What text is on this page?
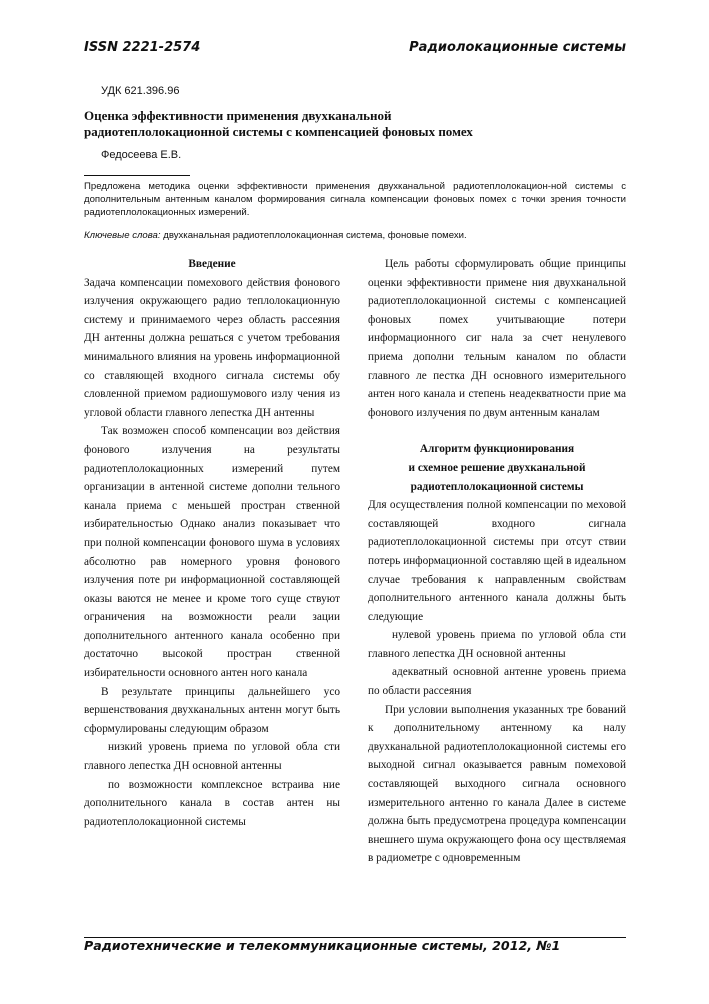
ISSN 2221-2574	Радиолокационные системы
УДК 621.396.96
Оценка эффективности применения двухканальной
радиотеплолокационной системы с компенсацией фоновых помех
Федосеева Е.В.
Предложена методика оценки эффективности применения двухканальной радиотеплолокацион-ной системы с дополнительным антенным каналом формирования сигнала компенсации фоновых помех с точки зрения точности радиотеплолокационных измерений.
Ключевые слова: двухканальная радиотеплолокационная система, фоновые помехи.

Введение

Задача компенсации помехового действия фонового излучения окружающего радио теплолокационную систему и принимаемого через область рассеяния ДН антенны должна решаться с учетом требования минимального влияния на уровень информационной со ставляющей входного сигнала системы обу словленной приемом радиошумового излу чения из угловой области главного лепестка ДН антенны

Так возможен способ компенсации воз действия фонового излучения на результаты радиотеплолокационных измерений путем организации в антенной системе дополни тельного канала приема с меньшей простран ственной избирательностью Однако анализ показывает что при полной компенсации фонового шума в условиях абсолютно рав номерного уровня фонового излучения поте ри информационной составляющей оказы ваются не менее и кроме того суще ствуют ограничения на возможности реали зации дополнительного антенного канала особенно при достаточно высокой простран ственной избирательности основного антен ного канала

В результате принципы дальнейшего усо вершенствования двухканальных антенн могут быть сформулированы следующим образом

низкий уровень приема по угловой обла сти главного лепестка ДН основной антенны

по возможности комплексное встраива ние дополнительного канала в состав антен ны радиотеплолокационной системы

Цель работы сформулировать общие принципы оценки эффективности примене ния двухканальной радиотеплолокационной системы с компенсацией фоновых помех учитывающие потери информационного сиг нала за счет ненулевого приема дополни тельным каналом по области главного ле пестка ДН основного измерительного антен ного канала и степень неадекватности прие ма фонового излучения по двум антенным каналам

Алгоритм функционирования
и схемное решение двухканальной
радиотеплолокационной системы

Для осуществления полной компенсации по меховой составляющей входного сигнала радиотеплолокационной системы при отсут ствии потерь информационной составляю щей в идеальном случае требования к направленным свойствам дополнительного антенного канала должны быть следующие

нулевой уровень приема по угловой обла сти главного лепестка ДН основной антенны

адекватный основной антенне уровень приема по области рассеяния

При условии выполнения указанных тре бований к дополнительному антенному ка налу двухканальной радиотеплолокационной системы его выходной сигнал оказывается равным помеховой составляющей выходного сигнала основного измерительного антенно го канала Далее в системе должна быть предусмотрена процедура компенсации внешнего шума окружающего фона осу ществляемая в радиометре с одновременным

Радиотехнические и телекоммуникационные системы, 2012, №1
